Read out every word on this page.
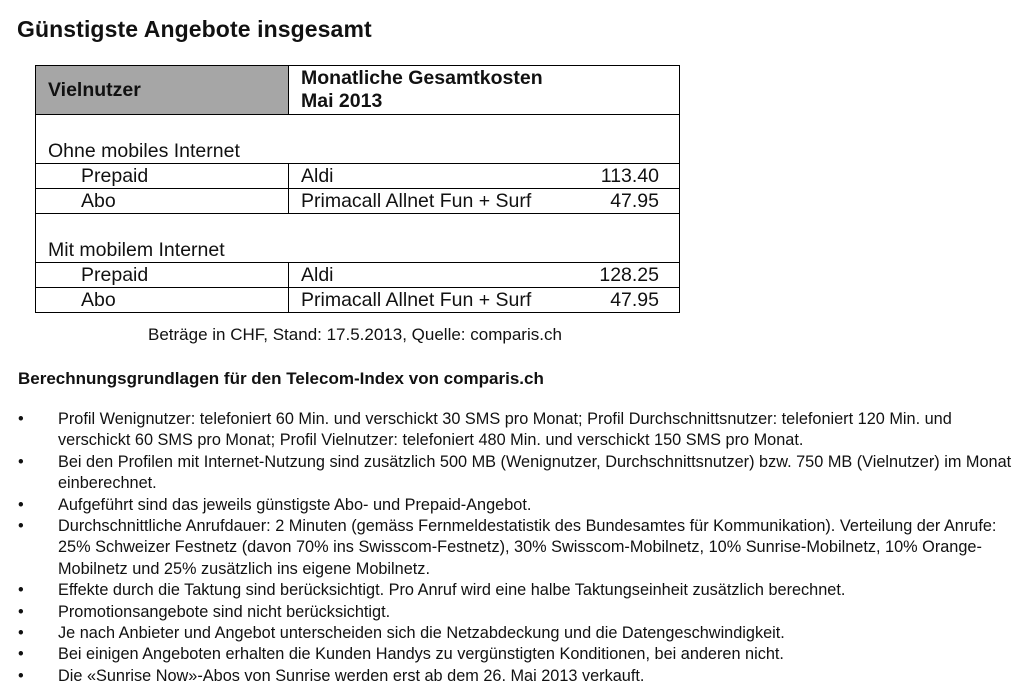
Günstigste Angebote insgesamt
Vielnutzer	Monatliche Gesamtkosten
Mai 2013	

Ohne mobiles Internet		
Prepaid	Aldi	113.40
Abo	Primacall Allnet Fun + Surf	47.95

Mit mobilem Internet		
Prepaid	Aldi	128.25
Abo	Primacall Allnet Fun + Surf	47.95
Beträge in CHF, Stand: 17.5.2013, Quelle: comparis.ch
Berechnungsgrundlagen für den Telecom-Index von comparis.ch
• Profil Wenignutzer: telefoniert 60 Min. und verschickt 30 SMS pro Monat; Profil Durchschnittsnutzer: telefoniert 120 Min. und verschickt 60 SMS pro Monat; Profil Vielnutzer: telefoniert 480 Min. und verschickt 150 SMS pro Monat.
• Bei den Profilen mit Internet-Nutzung sind zusätzlich 500 MB (Wenignutzer, Durchschnittsnutzer) bzw. 750 MB (Vielnutzer) im Monat einberechnet.
• Aufgeführt sind das jeweils günstigste Abo- und Prepaid-Angebot.
• Durchschnittliche Anrufdauer: 2 Minuten (gemäss Fernmeldestatistik des Bundesamtes für Kommunikation). Verteilung der Anrufe: 25% Schweizer Festnetz (davon 70% ins Swisscom-Festnetz), 30% Swisscom-Mobilnetz, 10% Sunrise-Mobilnetz, 10% Orange-Mobilnetz und 25% zusätzlich ins eigene Mobilnetz.
• Effekte durch die Taktung sind berücksichtigt. Pro Anruf wird eine halbe Taktungseinheit zusätzlich berechnet.
• Promotionsangebote sind nicht berücksichtigt.
• Je nach Anbieter und Angebot unterscheiden sich die Netzabdeckung und die Datengeschwindigkeit.
• Bei einigen Angeboten erhalten die Kunden Handys zu vergünstigten Konditionen, bei anderen nicht.
• Die «Sunrise Now»-Abos von Sunrise werden erst ab dem 26. Mai 2013 verkauft.
